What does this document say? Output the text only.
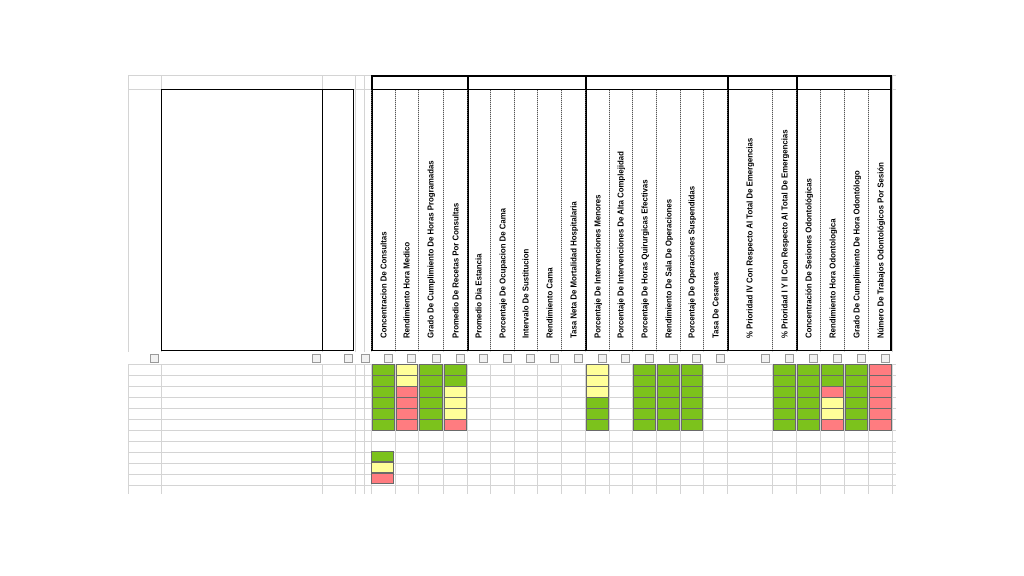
Concentracion De Consultas Rendimiento Hora Medico Grado De Cumplimiento De Horas Programadas Promedio De Recetas Por Consultas Promedio Dia Estancia Porcentaje De Ocupacion De Cama Intervalo De Sustitucion Rendimiento Cama Tasa Neta De Mortalidad Hospitalaria Porcentaje De Intervenciones Menores Porcentaje De Intervenciones De Alta Complejidad Porcentaje De Horas Quirurgicas Efectivas Rendimiento De Sala De Operaciones Porcentaje De Operaciones Suspendidas Tasa De Cesareas	% Prioridad IV Con Respecto Al Total De Emergencias	% Prioridad I Y II Con Respecto Al Total De Emergencias Concentración De Sesiones Odontológicas Rendimiento Hora Odontologica Grado De Cumplimiento De Hora Odontólogo Número De Trabajos Odontológicos Por Sesión
